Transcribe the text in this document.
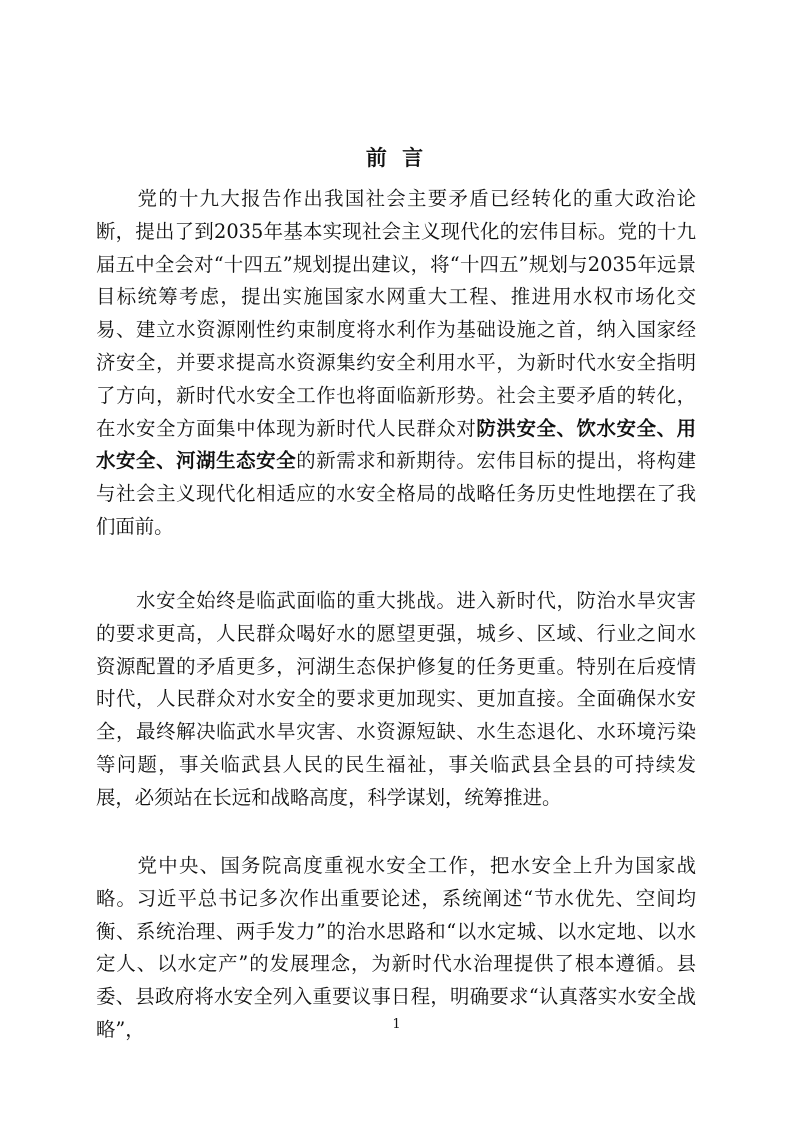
前 言
　　党的十九大报告作出我国社会主要矛盾已经转化的重大政治论断，提出了到2035年基本实现社会主义现代化的宏伟目标。党的十九届五中全会对“十四五”规划提出建议，将“十四五”规划与2035年远景目标统筹考虑，提出实施国家水网重大工程、推进用水权市场化交易、建立水资源刚性约束制度将水利作为基础设施之首，纳入国家经济安全，并要求提高水资源集约安全利用水平，为新时代水安全指明了方向，新时代水安全工作也将面临新形势。社会主要矛盾的转化，在水安全方面集中体现为新时代人民群众对防洪安全、饮水安全、用水安全、河湖生态安全的新需求和新期待。宏伟目标的提出，将构建与社会主义现代化相适应的水安全格局的战略任务历史性地摆在了我们面前。
　　水安全始终是临武面临的重大挑战。进入新时代，防治水旱灾害的要求更高，人民群众喝好水的愿望更强，城乡、区域、行业之间水资源配置的矛盾更多，河湖生态保护修复的任务更重。特别在后疫情时代，人民群众对水安全的要求更加现实、更加直接。全面确保水安全，最终解决临武水旱灾害、水资源短缺、水生态退化、水环境污染等问题，事关临武县人民的民生福祉，事关临武县全县的可持续发展，必须站在长远和战略高度，科学谋划，统筹推进。
　　党中央、国务院高度重视水安全工作，把水安全上升为国家战略。习近平总书记多次作出重要论述，系统阐述“节水优先、空间均衡、系统治理、两手发力”的治水思路和“以水定城、以水定地、以水定人、以水定产”的发展理念，为新时代水治理提供了根本遵循。县委、县政府将水安全列入重要议事日程，明确要求“认真落实水安全战略”，	1
